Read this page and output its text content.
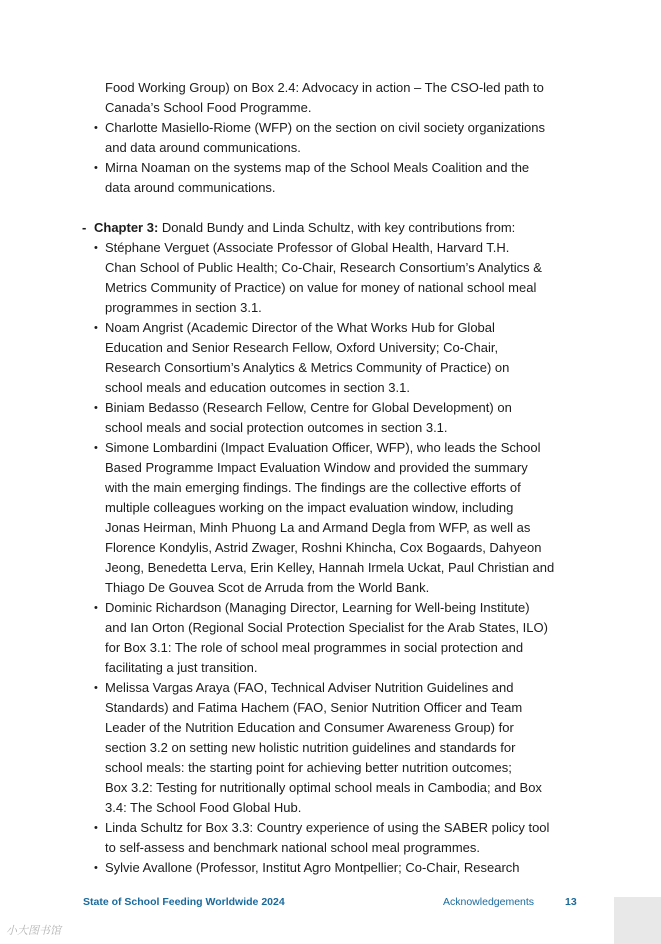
Food Working Group) on Box 2.4: Advocacy in action – The CSO-led path to
Canada’s School Food Programme.
• Charlotte Masiello-Riome (WFP) on the section on civil society organizations
and data around communications.
• Mirna Noaman on the systems map of the School Meals Coalition and the
data around communications.
- Chapter 3: Donald Bundy and Linda Schultz, with key contributions from:
• Stéphane Verguet (Associate Professor of Global Health, Harvard T.H.
Chan School of Public Health; Co-Chair, Research Consortium’s Analytics &
Metrics Community of Practice) on value for money of national school meal
programmes in section 3.1.
• Noam Angrist (Academic Director of the What Works Hub for Global
Education and Senior Research Fellow, Oxford University; Co-Chair,
Research Consortium’s Analytics & Metrics Community of Practice) on
school meals and education outcomes in section 3.1.
• Biniam Bedasso (Research Fellow, Centre for Global Development) on
school meals and social protection outcomes in section 3.1.
• Simone Lombardini (Impact Evaluation Officer, WFP), who leads the School
Based Programme Impact Evaluation Window and provided the summary
with the main emerging findings. The findings are the collective efforts of
multiple colleagues working on the impact evaluation window, including
Jonas Heirman, Minh Phuong La and Armand Degla from WFP, as well as
Florence Kondylis, Astrid Zwager, Roshni Khincha, Cox Bogaards, Dahyeon
Jeong, Benedetta Lerva, Erin Kelley, Hannah Irmela Uckat, Paul Christian and
Thiago De Gouvea Scot de Arruda from the World Bank.
• Dominic Richardson (Managing Director, Learning for Well-being Institute)
and Ian Orton (Regional Social Protection Specialist for the Arab States, ILO)
for Box 3.1: The role of school meal programmes in social protection and
facilitating a just transition.
• Melissa Vargas Araya (FAO, Technical Adviser Nutrition Guidelines and
Standards) and Fatima Hachem (FAO, Senior Nutrition Officer and Team
Leader of the Nutrition Education and Consumer Awareness Group) for
section 3.2 on setting new holistic nutrition guidelines and standards for
school meals: the starting point for achieving better nutrition outcomes;
Box 3.2: Testing for nutritionally optimal school meals in Cambodia; and Box
3.4: The School Food Global Hub.
• Linda Schultz for Box 3.3: Country experience of using the SABER policy tool
to self-assess and benchmark national school meal programmes.
• Sylvie Avallone (Professor, Institut Agro Montpellier; Co-Chair, Research
State of School Feeding Worldwide 2024	Acknowledgements	13
小大图书馆
